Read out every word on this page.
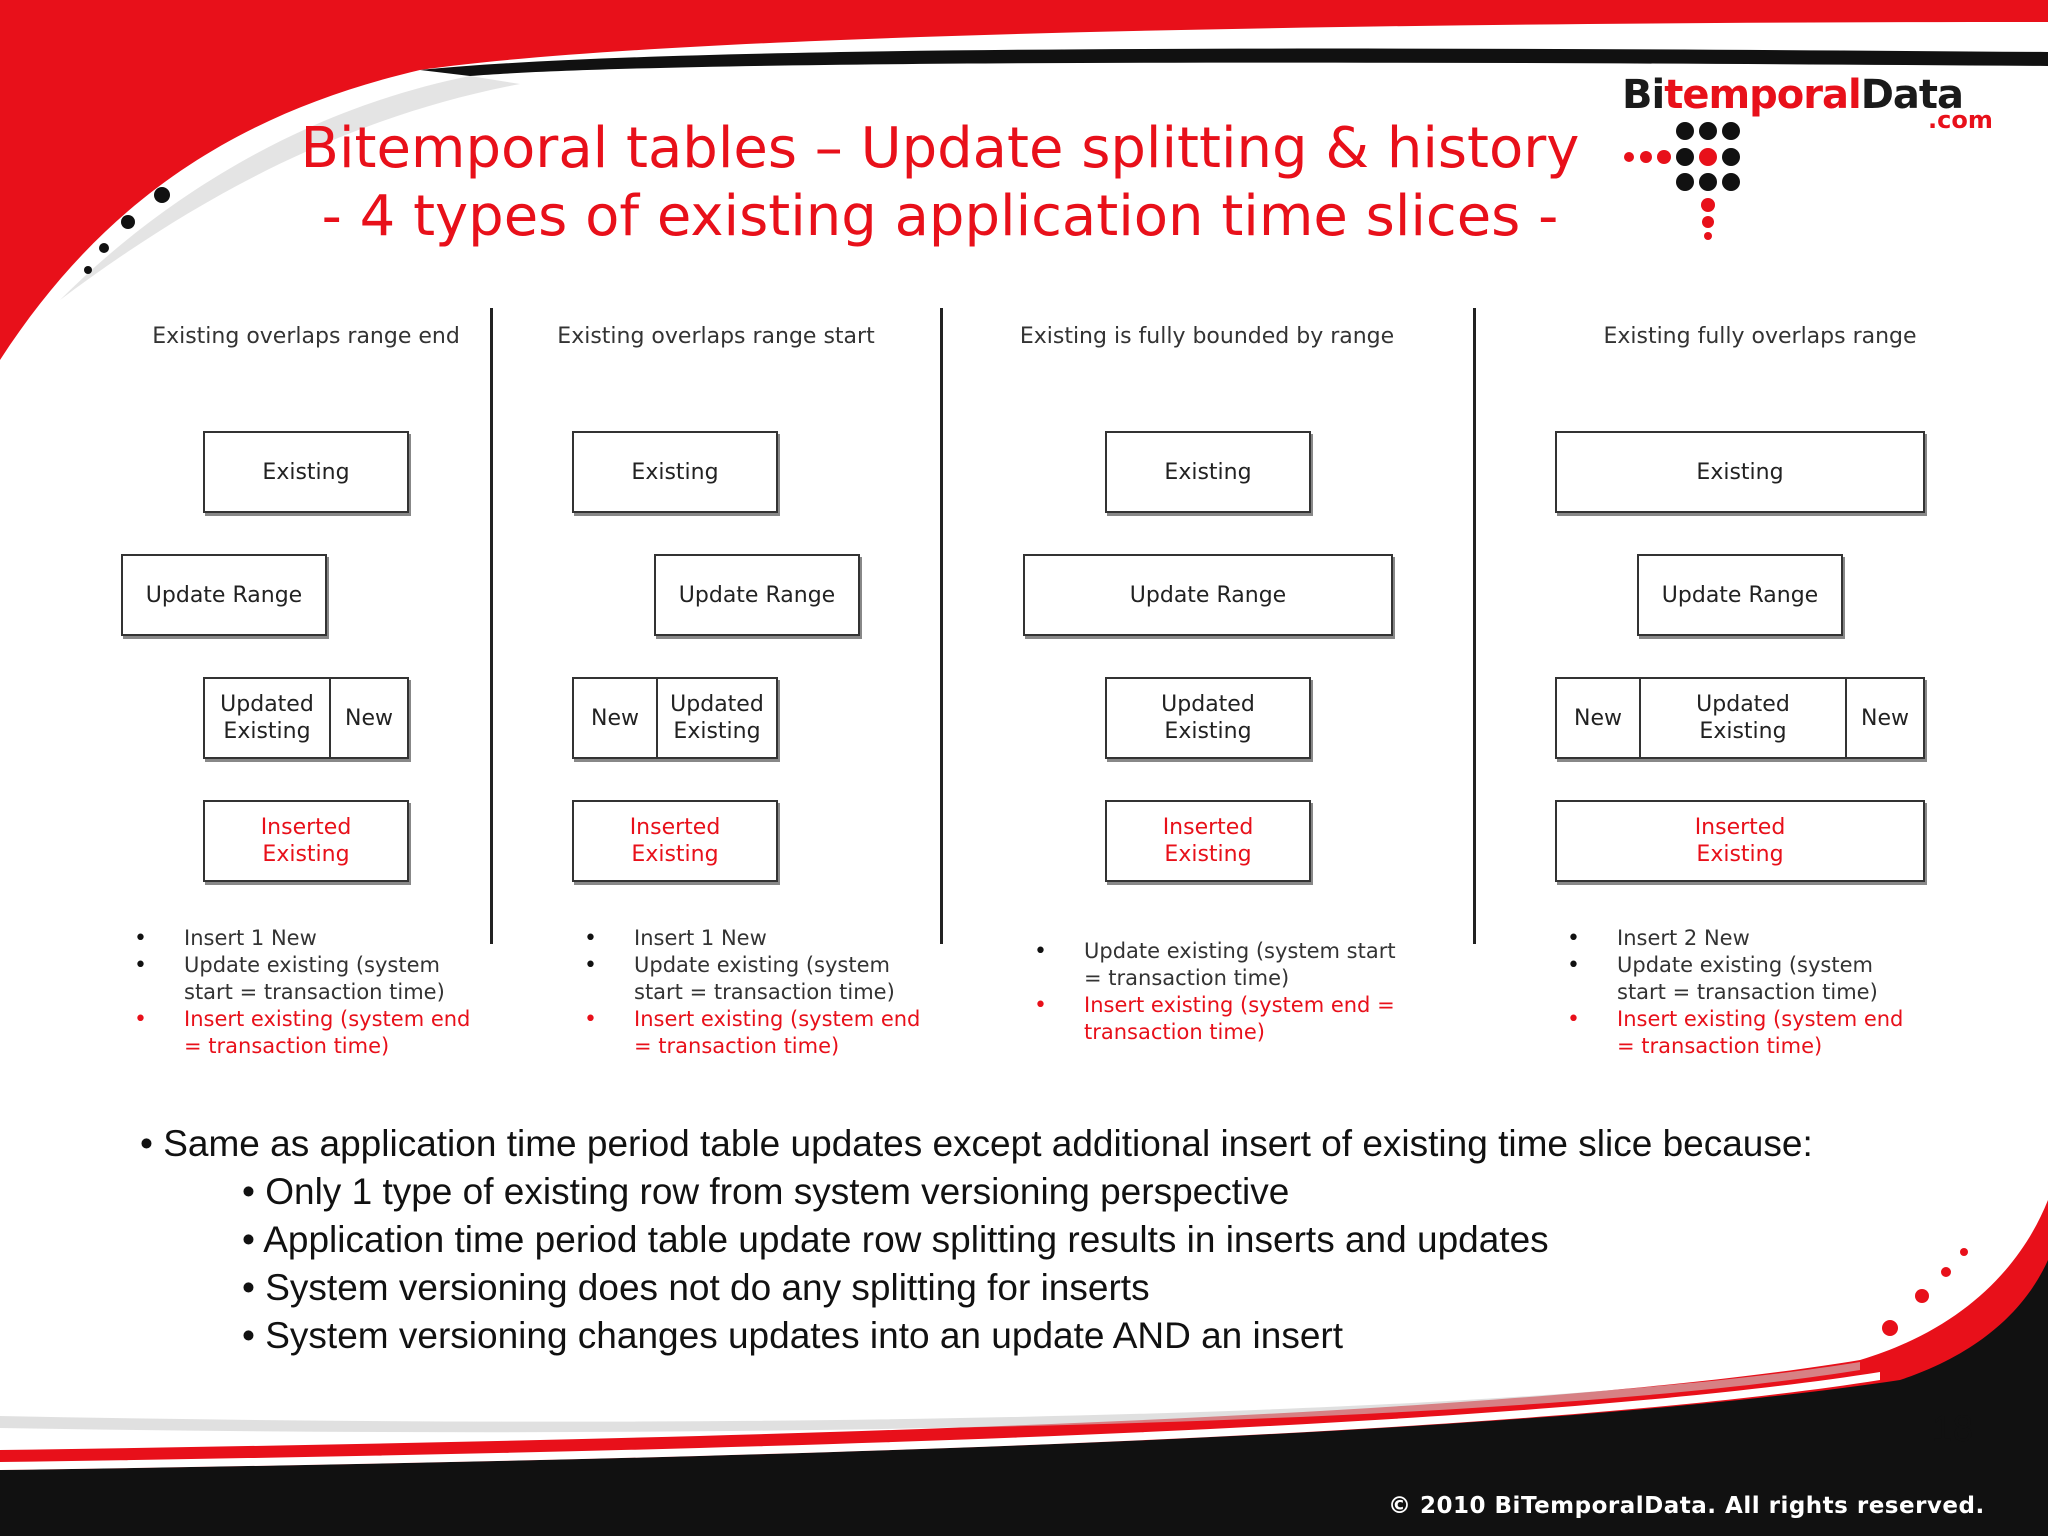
BitemporalData
.com
Bitemporal tables – Update splitting & history
- 4 types of existing application time slices -
Existing overlaps range end	Existing overlaps range start	Existing is fully bounded by range	Existing fully overlaps range
Existing
Update Range
Updated
Existing
New
Inserted
Existing
• Insert 1 New
• Update existing (system start = transaction time)
• Insert existing (system end = transaction time)
Existing
Update Range
New
Updated
Existing
Inserted
Existing
• Insert 1 New
• Update existing (system start = transaction time)
• Insert existing (system end = transaction time)
Existing
Update Range
Updated
Existing
Inserted
Existing
• Update existing (system start = transaction time)
• Insert existing (system end = transaction time)
Existing
Update Range
New
Updated
Existing
New
Inserted
Existing
• Insert 2 New
• Update existing (system start = transaction time)
• Insert existing (system end = transaction time)
• Same as application time period table updates except additional insert of existing time slice because:
• Only 1 type of existing row from system versioning perspective
• Application time period table update row splitting results in inserts and updates
• System versioning does not do any splitting for inserts
• System versioning changes updates into an update AND an insert
18
© 2010 BiTemporalData. All rights reserved.
